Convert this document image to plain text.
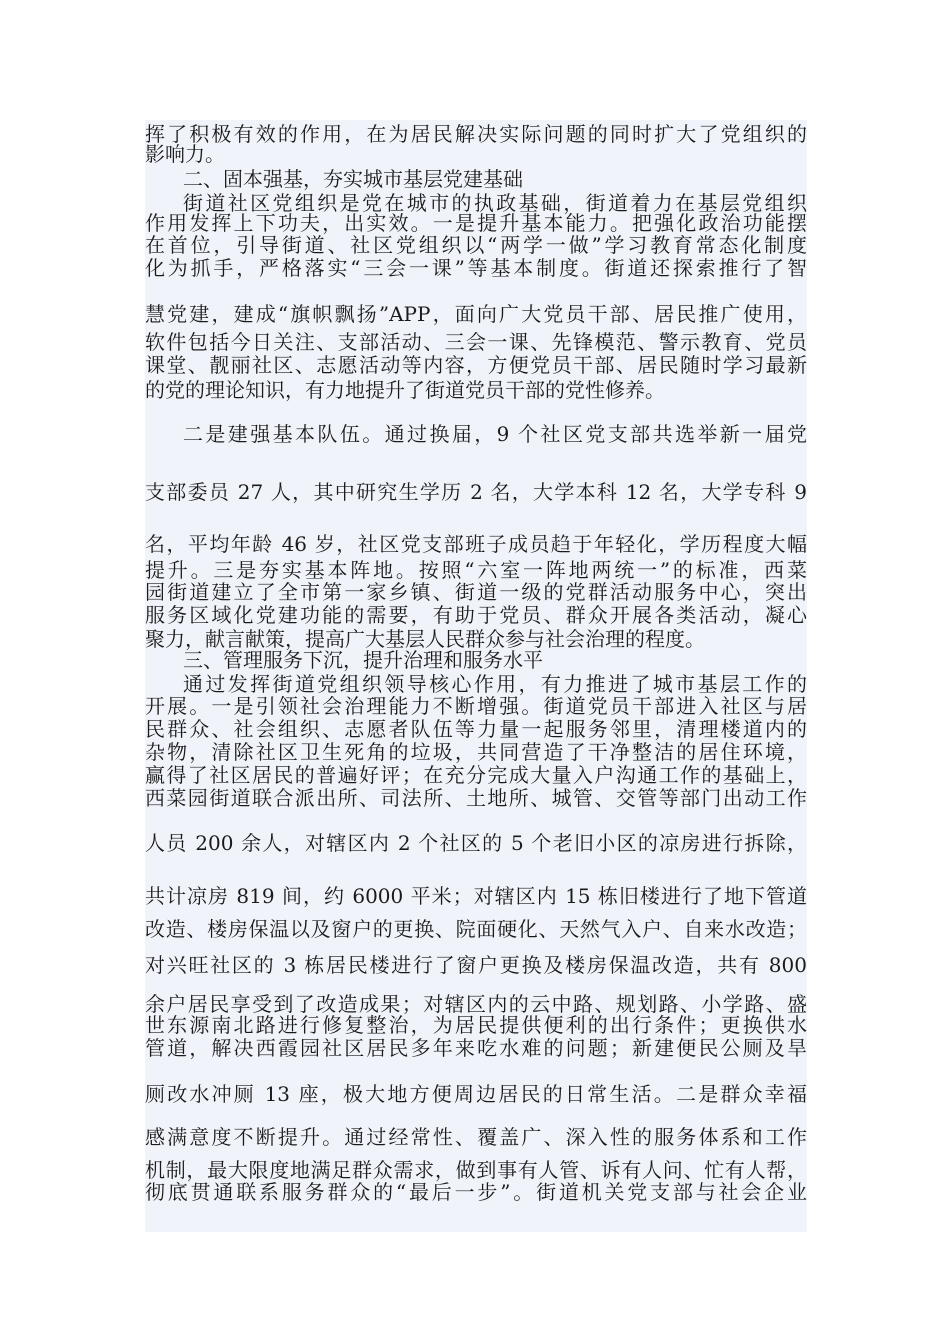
挥了积极有效的作用，在为居民解决实际问题的同时扩大了党组织的
影响力。
二、固本强基，夯实城市基层党建基础
街道社区党组织是党在城市的执政基础，街道着力在基层党组织
作用发挥上下功夫，出实效。一是提升基本能力。把强化政治功能摆
在首位，引导街道、社区党组织以“两学一做”学习教育常态化制度
化为抓手，严格落实“三会一课”等基本制度。街道还探索推行了智
慧党建，建成“旗帜飘扬”APP，面向广大党员干部、居民推广使用，
软件包括今日关注、支部活动、三会一课、先锋模范、警示教育、党员
课堂、靓丽社区、志愿活动等内容，方便党员干部、居民随时学习最新
的党的理论知识，有力地提升了街道党员干部的党性修养。
二是建强基本队伍。通过换届，9 个社区党支部共选举新一届党
支部委员 27 人，其中研究生学历 2 名，大学本科 12 名，大学专科 9
名，平均年龄 46 岁，社区党支部班子成员趋于年轻化，学历程度大幅
提升。三是夯实基本阵地。按照“六室一阵地两统一”的标准，西菜
园街道建立了全市第一家乡镇、街道一级的党群活动服务中心，突出
服务区域化党建功能的需要，有助于党员、群众开展各类活动，凝心
聚力，献言献策，提高广大基层人民群众参与社会治理的程度。
三、管理服务下沉，提升治理和服务水平
通过发挥街道党组织领导核心作用，有力推进了城市基层工作的
开展。一是引领社会治理能力不断增强。街道党员干部进入社区与居
民群众、社会组织、志愿者队伍等力量一起服务邻里，清理楼道内的
杂物，清除社区卫生死角的垃圾，共同营造了干净整洁的居住环境，
赢得了社区居民的普遍好评；在充分完成大量入户沟通工作的基础上，
西菜园街道联合派出所、司法所、土地所、城管、交管等部门出动工作
人员 200 余人，对辖区内 2 个社区的 5 个老旧小区的凉房进行拆除，
共计凉房 819 间，约 6000 平米；对辖区内 15 栋旧楼进行了地下管道
改造、楼房保温以及窗户的更换、院面硬化、天然气入户、自来水改造；
对兴旺社区的 3 栋居民楼进行了窗户更换及楼房保温改造，共有 800
余户居民享受到了改造成果；对辖区内的云中路、规划路、小学路、盛
世东源南北路进行修复整治，为居民提供便利的出行条件；更换供水
管道，解决西霞园社区居民多年来吃水难的问题；新建便民公厕及旱
厕改水冲厕 13 座，极大地方便周边居民的日常生活。二是群众幸福
感满意度不断提升。通过经常性、覆盖广、深入性的服务体系和工作
机制，最大限度地满足群众需求，做到事有人管、诉有人问、忙有人帮，
彻底贯通联系服务群众的“最后一步”。街道机关党支部与社会企业
